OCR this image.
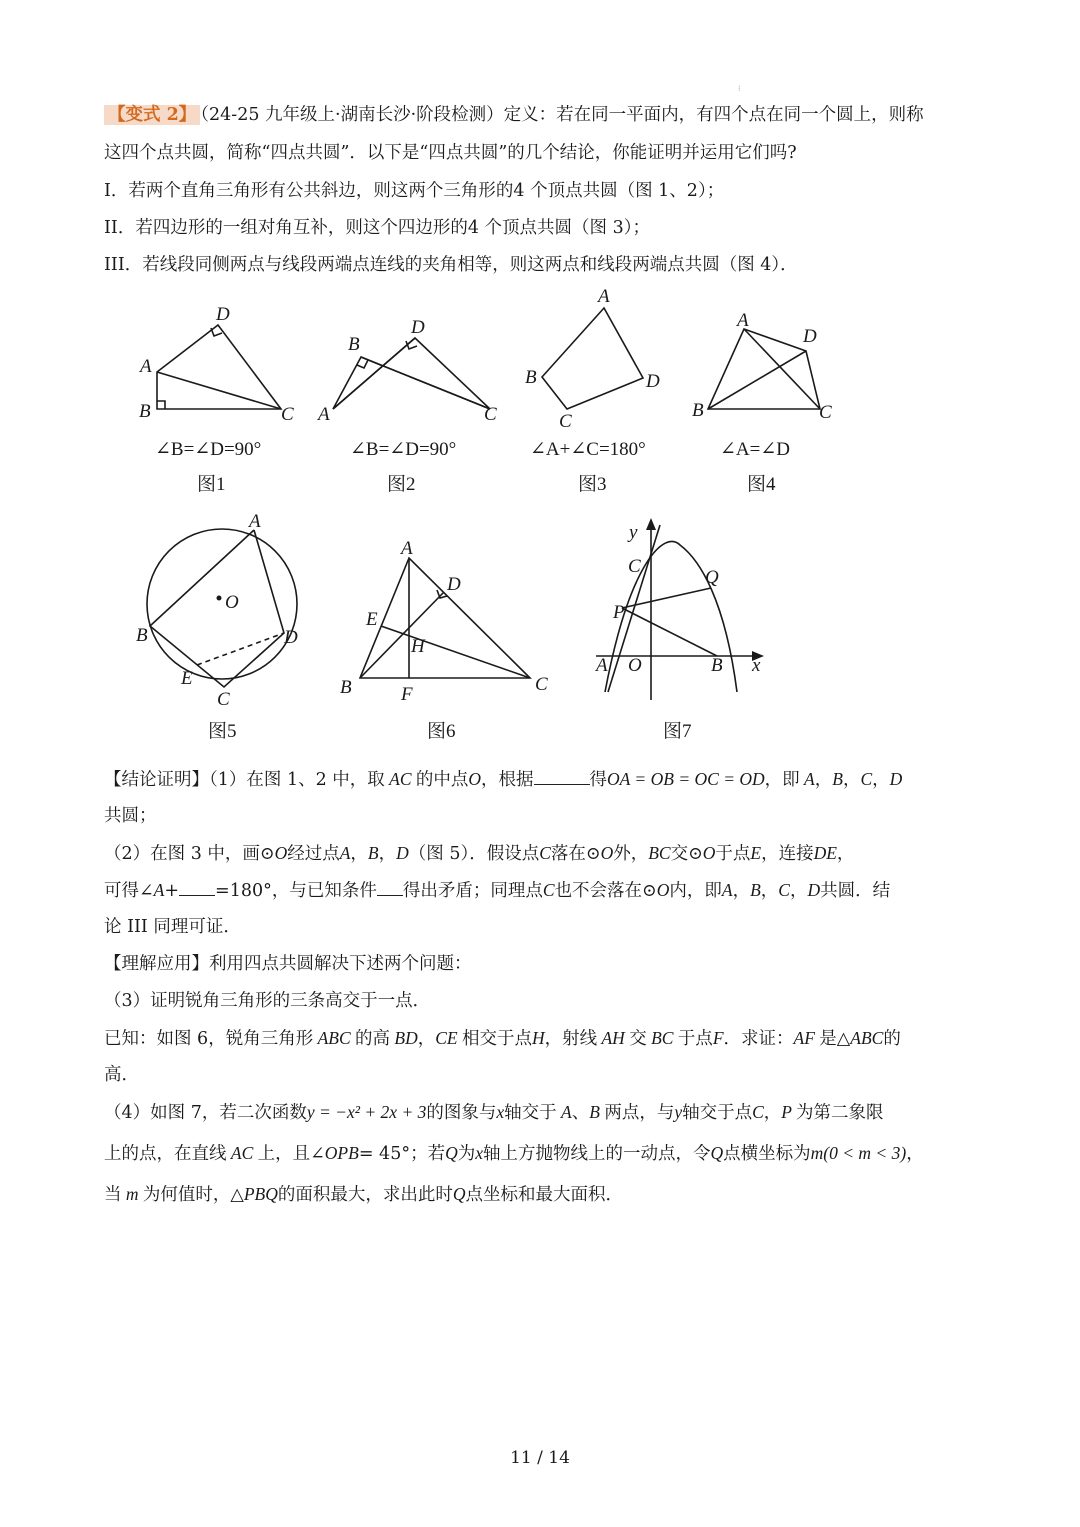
⁝
【变式 2】 （24-25 九年级上·湖南长沙·阶段检测）定义：若在同一平面内，有四个点在同一个圆上，则称
这四个点共圆，简称“四点共圆”．以下是“四点共圆”的几个结论，你能证明并运用它们吗?
I．若两个直角三角形有公共斜边，则这两个三角形的4 个顶点共圆（图 1、2）；
II．若四边形的一组对角互补，则这个四边形的4 个顶点共圆（图 3）；
III．若线段同侧两点与线段两端点连线的夹角相等，则这两点和线段两端点共圆（图 4）．
D
A
B	C
∠B=∠D=90°
图1
D
B
A	C
∠B=∠D=90°
图2
A
B	D
C
∠A+∠C=180°
图3
A
D
B	C
∠A=∠D
图4
A
O
B	D
E
C
图5
A
D
E
H
B	F	C
图6
y
C
Q
P
A O	B x
图7
【结论证明】（1）在图 1、2 中，取 AC 的中点O，根据	得OA = OB = OC = OD，即 A，B，C，D
共圆；
（2）在图 3 中，画⊙O经过点A，B，D（图 5）．假设点C落在⊙O外，BC交⊙O于点E，连接DE，
可得∠A+ =180°，与已知条件 得出矛盾；同理点C也不会落在⊙O内，即A，B，C，D共圆．结
论 III 同理可证．
【理解应用】利用四点共圆解决下述两个问题：
（3）证明锐角三角形的三条高交于一点．
已知：如图 6，锐角三角形 ABC 的高 BD，CE 相交于点H，射线 AH 交 BC 于点F．求证：AF 是△ABC的
高．
（4）如图 7，若二次函数y = −x² + 2x + 3的图象与x轴交于 A、B 两点，与y轴交于点C，P 为第二象限
上的点，在直线 AC 上，且∠OPB= 45°；若Q为x轴上方抛物线上的一动点，令Q点横坐标为m(0 < m < 3)，
当 m 为何值时，△PBQ的面积最大，求出此时Q点坐标和最大面积．
11 / 14
